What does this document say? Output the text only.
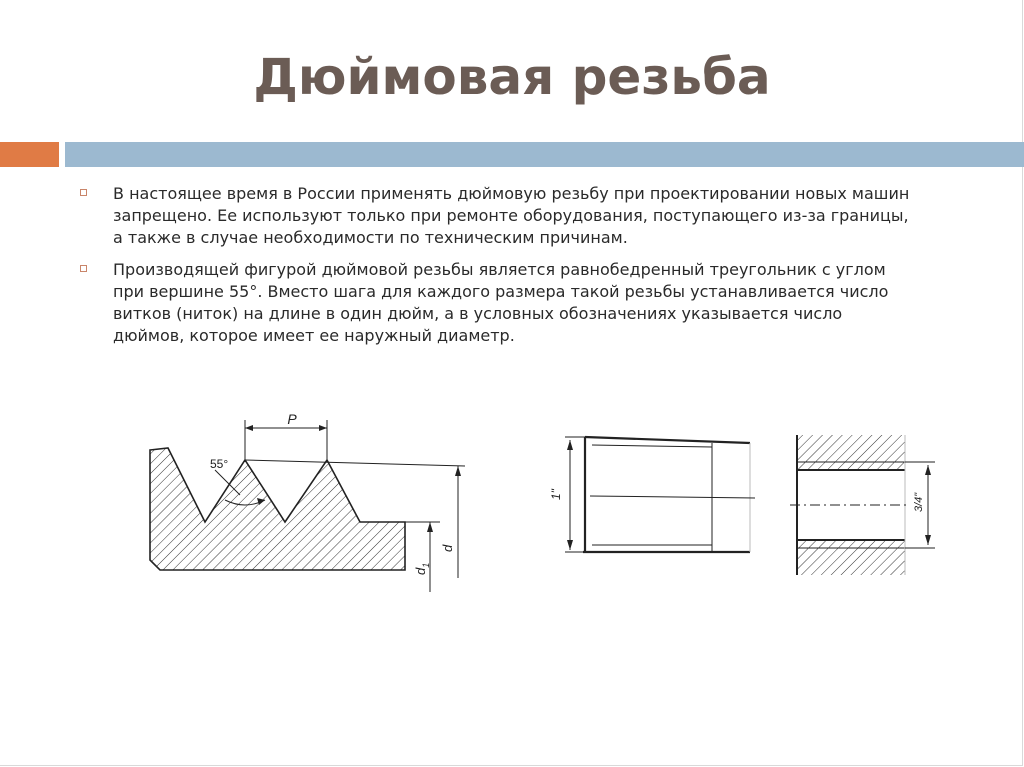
Дюймовая резьба
В настоящее время в России применять дюймовую резьбу при проектировании новых машин
запрещено. Ее используют только при ремонте оборудования, поступающего из-за границы,
а также в случае необходимости по техническим причинам.
Производящей фигурой дюймовой резьбы является равнобедренный треугольник с углом
при вершине 55°. Вместо шага для каждого размера такой резьбы устанавливается число
витков (ниток) на длине в один дюйм, а в условных обозначениях указывается число
дюймов, которое имеет ее наружный диаметр.
P
55°
d
$d_1$
1"	3/4"
